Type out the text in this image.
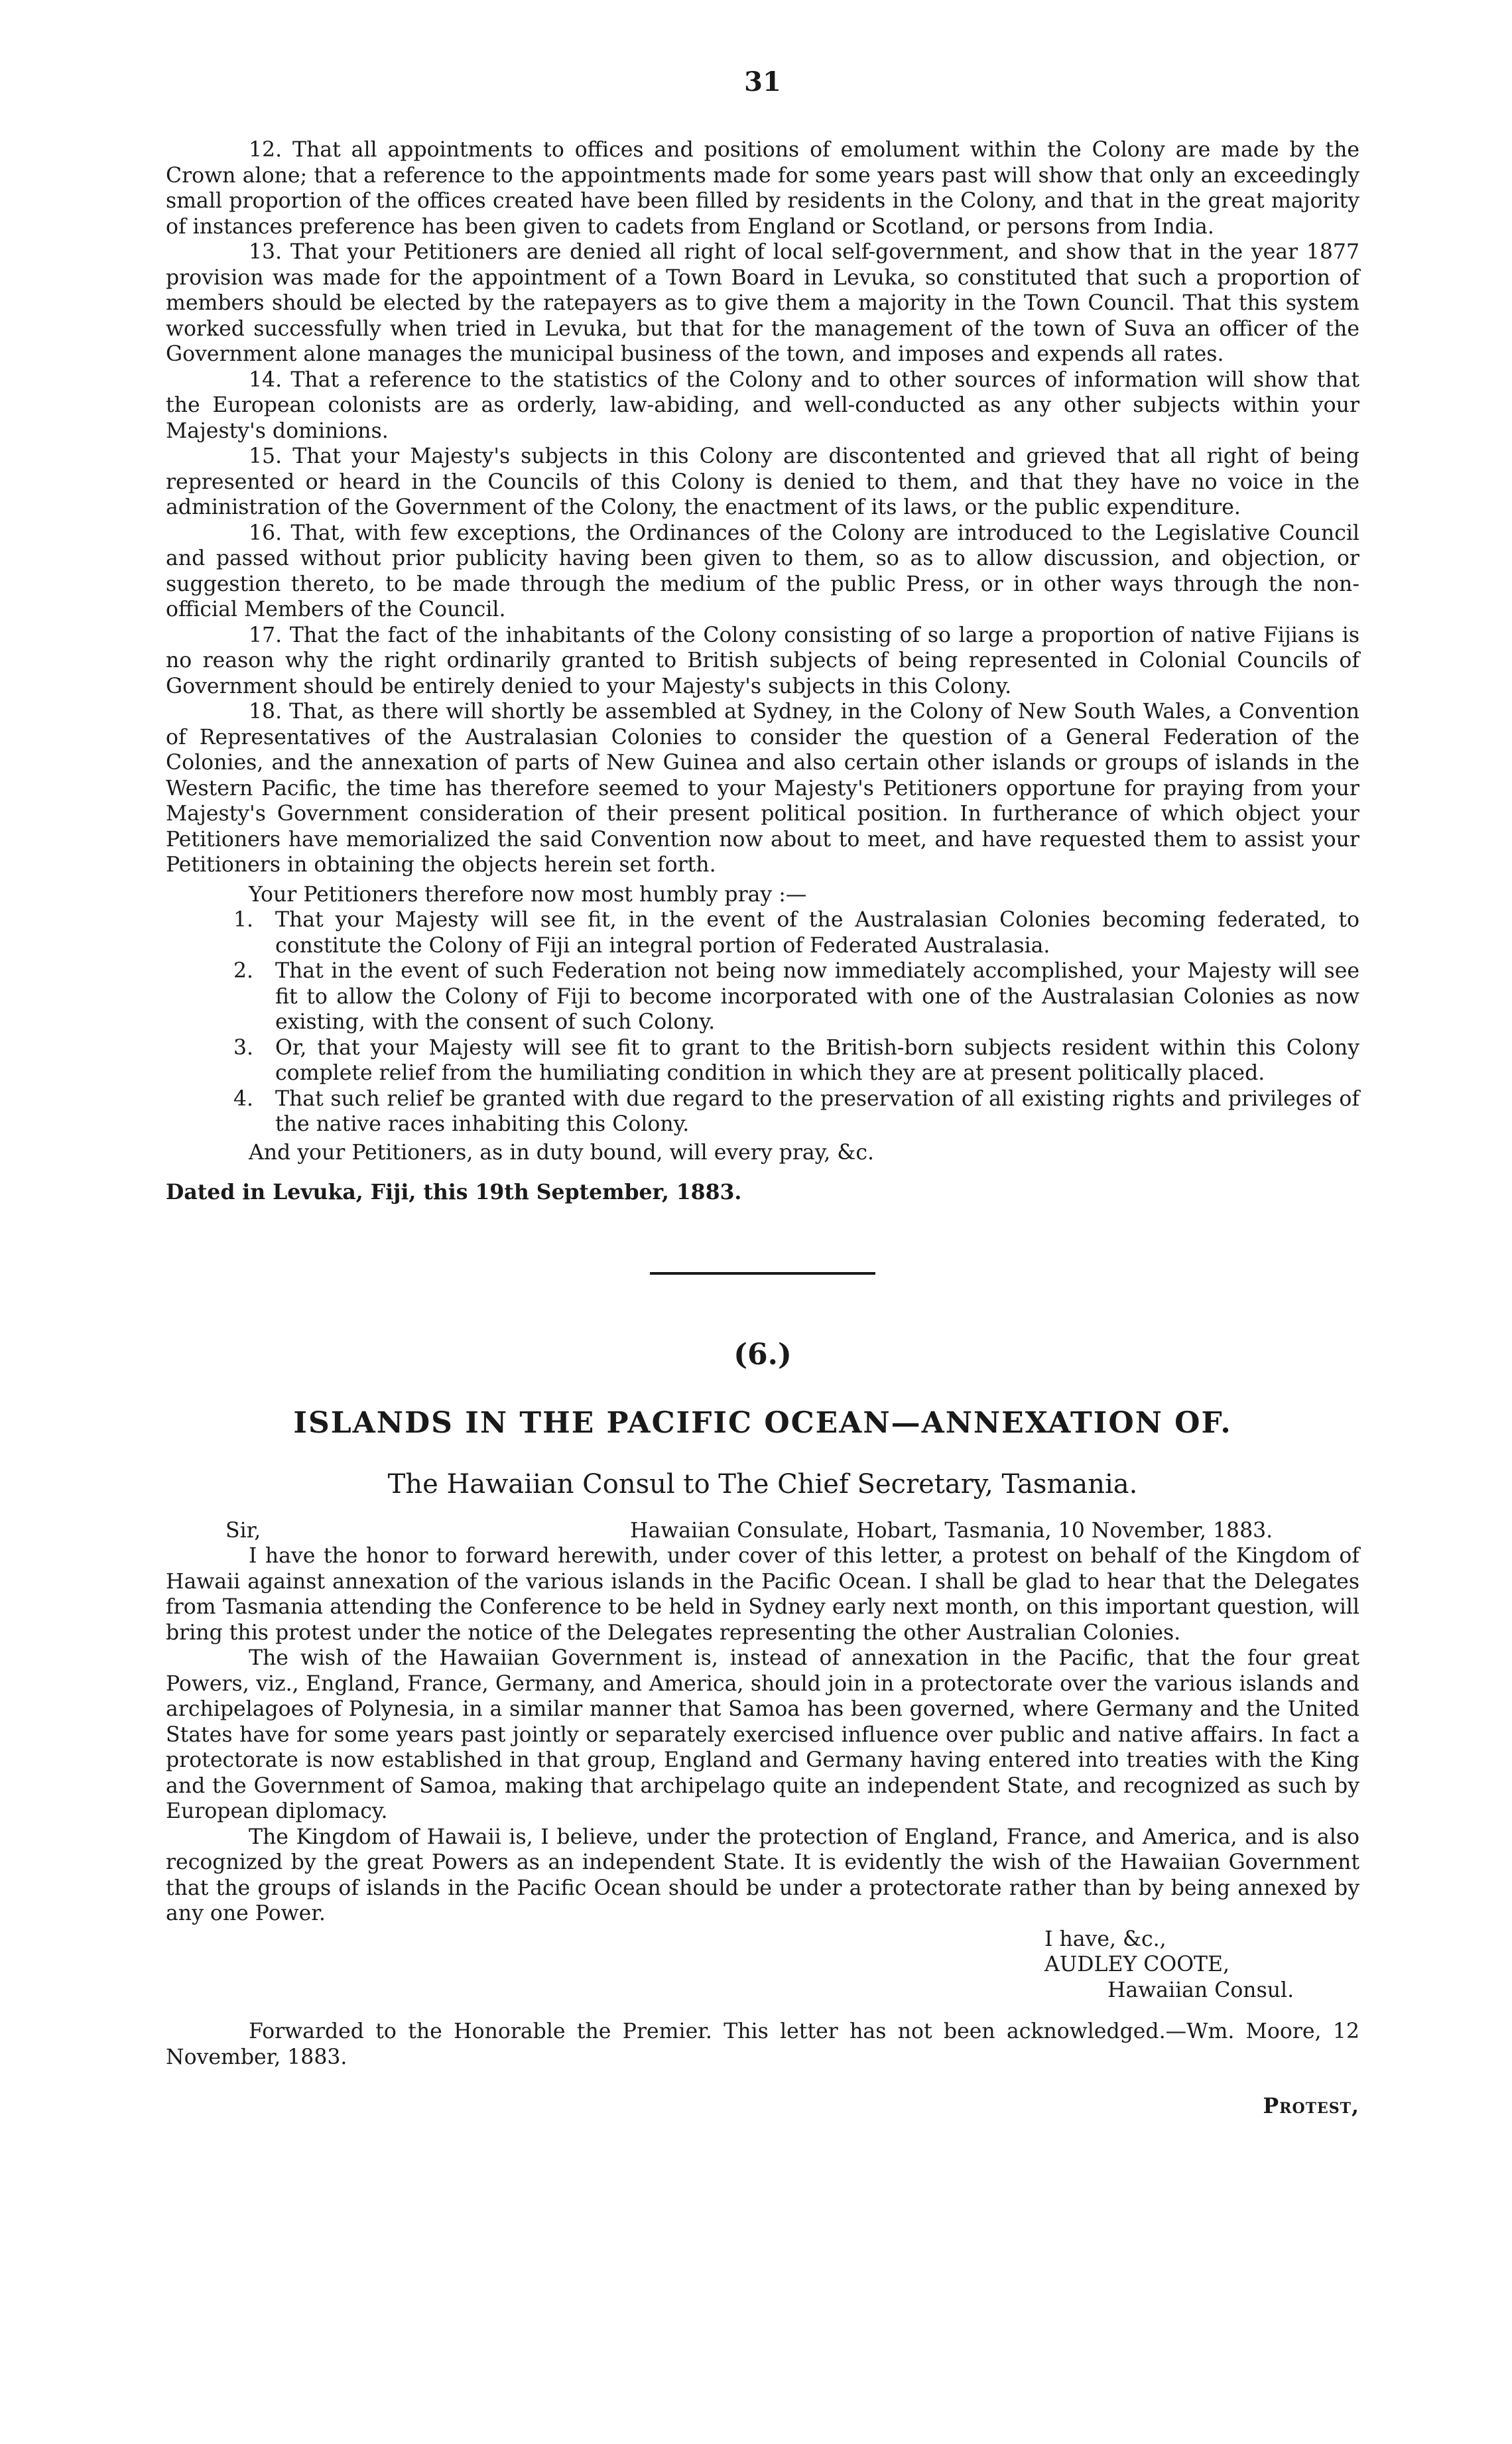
31

12. That all appointments to offices and positions of emolument within the Colony are made by the Crown alone; that a reference to the appointments made for some years past will show that only an exceedingly small proportion of the offices created have been filled by residents in the Colony, and that in the great majority of instances preference has been given to cadets from England or Scotland, or persons from India.

13. That your Petitioners are denied all right of local self-government, and show that in the year 1877 provision was made for the appointment of a Town Board in Levuka, so constituted that such a proportion of members should be elected by the ratepayers as to give them a majority in the Town Council. That this system worked successfully when tried in Levuka, but that for the management of the town of Suva an officer of the Government alone manages the municipal business of the town, and imposes and expends all rates.

14. That a reference to the statistics of the Colony and to other sources of information will show that the European colonists are as orderly, law-abiding, and well-conducted as any other subjects within your Majesty's dominions.

15. That your Majesty's subjects in this Colony are discontented and grieved that all right of being represented or heard in the Councils of this Colony is denied to them, and that they have no voice in the administration of the Government of the Colony, the enactment of its laws, or the public expenditure.

16. That, with few exceptions, the Ordinances of the Colony are introduced to the Legislative Council and passed without prior publicity having been given to them, so as to allow discussion, and objection, or suggestion thereto, to be made through the medium of the public Press, or in other ways through the non-official Members of the Council.

17. That the fact of the inhabitants of the Colony consisting of so large a proportion of native Fijians is no reason why the right ordinarily granted to British subjects of being represented in Colonial Councils of Government should be entirely denied to your Majesty's subjects in this Colony.

18. That, as there will shortly be assembled at Sydney, in the Colony of New South Wales, a Convention of Representatives of the Australasian Colonies to consider the question of a General Federation of the Colonies, and the annexation of parts of New Guinea and also certain other islands or groups of islands in the Western Pacific, the time has therefore seemed to your Majesty's Petitioners opportune for praying from your Majesty's Government consideration of their present political position. In furtherance of which object your Petitioners have memorialized the said Convention now about to meet, and have requested them to assist your Petitioners in obtaining the objects herein set forth.

Your Petitioners therefore now most humbly pray :—

1. That your Majesty will see fit, in the event of the Australasian Colonies becoming federated, to constitute the Colony of Fiji an integral portion of Federated Australasia.

2. That in the event of such Federation not being now immediately accomplished, your Majesty will see fit to allow the Colony of Fiji to become incorporated with one of the Australasian Colonies as now existing, with the consent of such Colony.

3. Or, that your Majesty will see fit to grant to the British-born subjects resident within this Colony complete relief from the humiliating condition in which they are at present politically placed.

4. That such relief be granted with due regard to the preservation of all existing rights and privileges of the native races inhabiting this Colony.

And your Petitioners, as in duty bound, will every pray, &c.

Dated in Levuka, Fiji, this 19th September, 1883.

(6.)
ISLANDS IN THE PACIFIC OCEAN—ANNEXATION OF.
The Hawaiian Consul to The Chief Secretary, Tasmania.
Sir,	Hawaiian Consulate, Hobart, Tasmania, 10 November, 1883.

I have the honor to forward herewith, under cover of this letter, a protest on behalf of the Kingdom of Hawaii against annexation of the various islands in the Pacific Ocean. I shall be glad to hear that the Delegates from Tasmania attending the Conference to be held in Sydney early next month, on this important question, will bring this protest under the notice of the Delegates representing the other Australian Colonies.

The wish of the Hawaiian Government is, instead of annexation in the Pacific, that the four great Powers, viz., England, France, Germany, and America, should join in a protectorate over the various islands and archipelagoes of Polynesia, in a similar manner that Samoa has been governed, where Germany and the United States have for some years past jointly or separately exercised influence over public and native affairs. In fact a protectorate is now established in that group, England and Germany having entered into treaties with the King and the Government of Samoa, making that archipelago quite an independent State, and recognized as such by European diplomacy.

The Kingdom of Hawaii is, I believe, under the protection of England, France, and America, and is also recognized by the great Powers as an independent State. It is evidently the wish of the Hawaiian Government that the groups of islands in the Pacific Ocean should be under a protectorate rather than by being annexed by any one Power.

I have, &c.,
AUDLEY COOTE,
Hawaiian Consul.

Forwarded to the Honorable the Premier. This letter has not been acknowledged.—Wm. Moore, 12 November, 1883.

Protest,
